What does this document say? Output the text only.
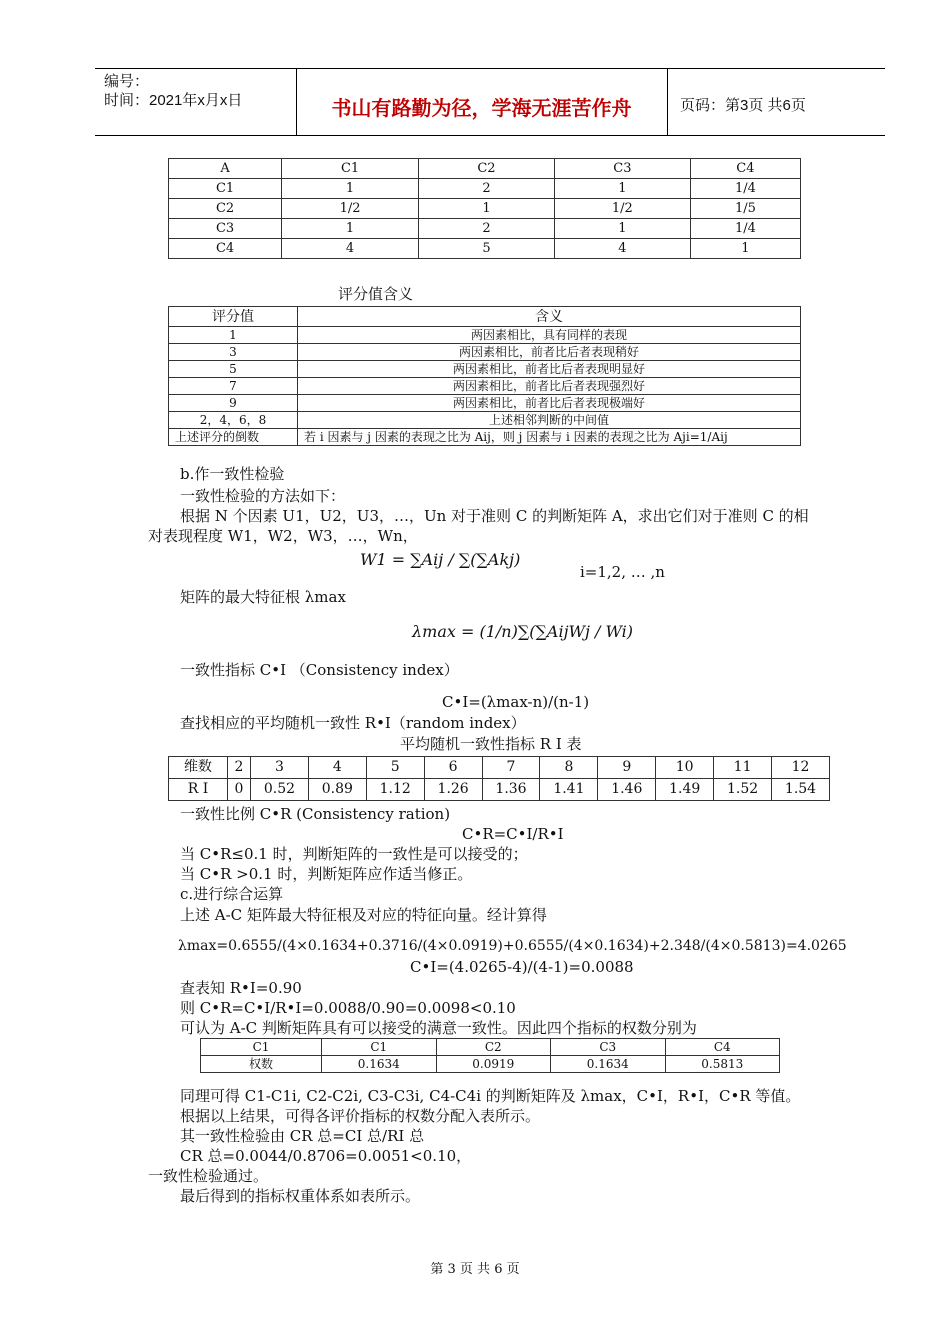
编号：
时间：2021年x月x日	书山有路勤为径，学海无涯苦作舟	页码：第3页 共6页
A	C1	C2	C3	C4
C1	1	2	1	1/4
C2	1/2	1	1/2	1/5
C3	1	2	1	1/4
C4	4	5	4	1
评分值含义
评分值	含义
1	两因素相比，具有同样的表现
3	两因素相比，前者比后者表现稍好
5	两因素相比，前者比后者表现明显好
7	两因素相比，前者比后者表现强烈好
9	两因素相比，前者比后者表现极端好
2，4，6，8	上述相邻判断的中间值
上述评分的倒数	若 i 因素与 j 因素的表现之比为 Aij，则 j 因素与 i 因素的表现之比为 Aji=1/Aij
b.作一致性检验
一致性检验的方法如下：
根据 N 个因素 U1，U2，U3，…，Un 对于准则 C 的判断矩阵 A，求出它们对于准则 C 的相
对表现程度 W1，W2，W3，…，Wn，
W1 = ∑Aij / ∑(∑Akj)
i=1,2, … ,n
矩阵的最大特征根 λmax
λmax = (1/n)∑(∑AijWj / Wi)
一致性指标 C•I （Consistency index）
C•I=(λmax-n)/(n-1)
查找相应的平均随机一致性 R•I（random index）
平均随机一致性指标 R I 表
维数	2	3	4	5	6	7	8	9	10	11	12
R I	0	0.52	0.89	1.12	1.26	1.36	1.41	1.46	1.49	1.52	1.54
一致性比例 C•R (Consistency ration)
C•R=C•I/R•I
当 C•R≤0.1 时，判断矩阵的一致性是可以接受的；
当 C•R >0.1 时，判断矩阵应作适当修正。
c.进行综合运算
上述 A-C 矩阵最大特征根及对应的特征向量。经计算得
λmax=0.6555/(4×0.1634+0.3716/(4×0.0919)+0.6555/(4×0.1634)+2.348/(4×0.5813)=4.0265
C•I=(4.0265-4)/(4-1)=0.0088
查表知 R•I=0.90
则 C•R=C•I/R•I=0.0088/0.90=0.0098<0.10
可认为 A-C 判断矩阵具有可以接受的满意一致性。因此四个指标的权数分别为
C1	C1	C2	C3	C4
权数	0.1634	0.0919	0.1634	0.5813
同理可得 C1-C1i, C2-C2i, C3-C3i, C4-C4i 的判断矩阵及 λmax，C•I，R•I，C•R 等值。
根据以上结果，可得各评价指标的权数分配入表所示。
其一致性检验由 CR 总=CI 总/RI 总
CR 总=0.0044/0.8706=0.0051<0.10，
一致性检验通过。
最后得到的指标权重体系如表所示。
第 3 页 共 6 页
